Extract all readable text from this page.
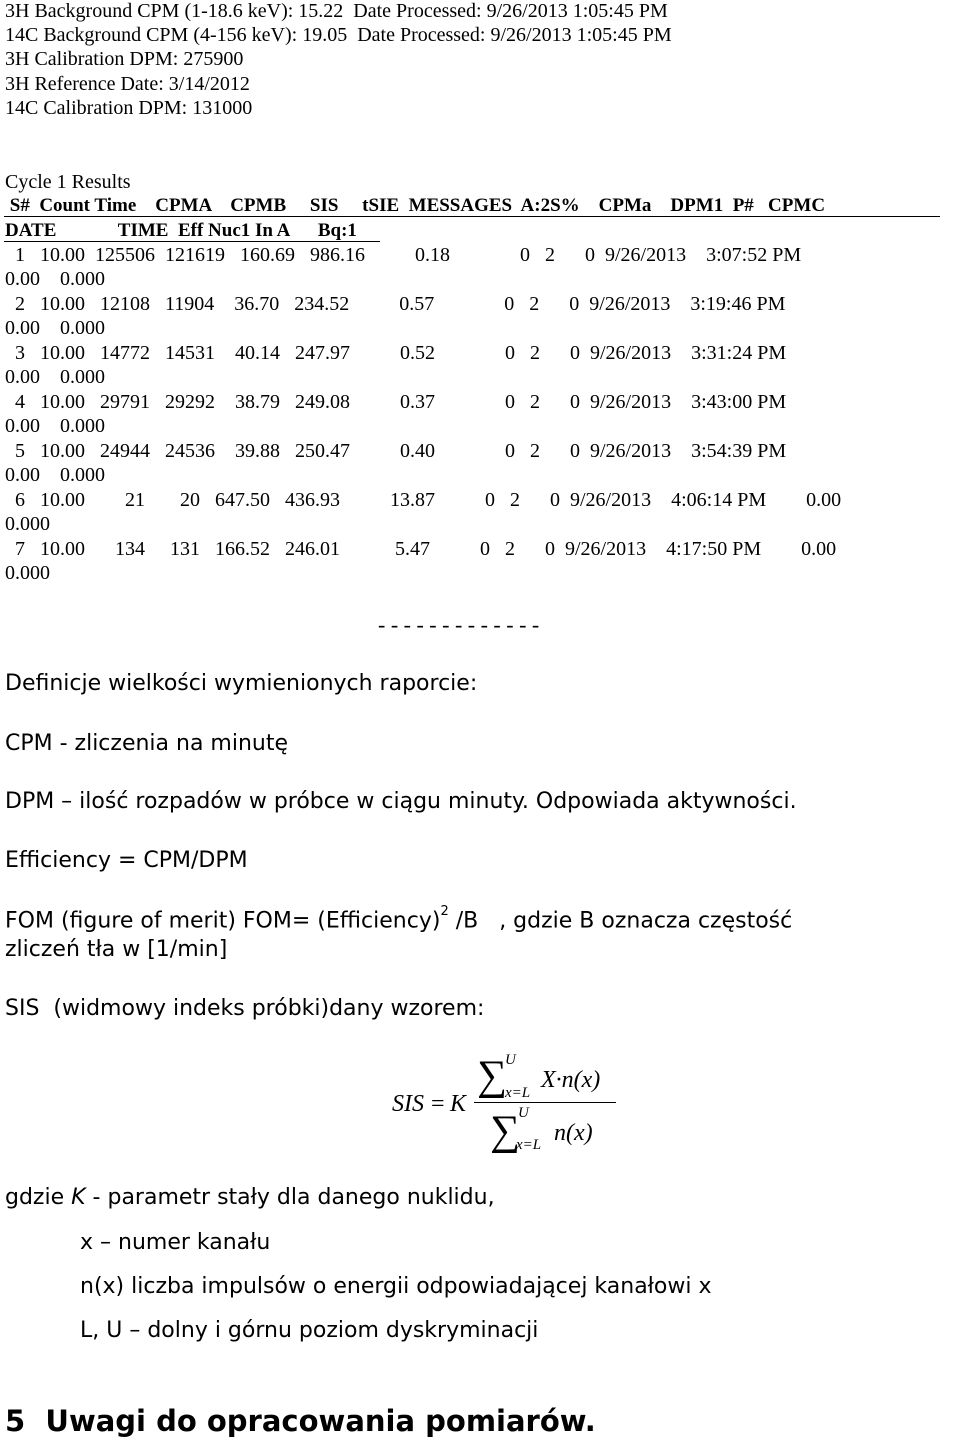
3H Background CPM (1-18.6 keV): 15.22  Date Processed: 9/26/2013 1:05:45 PM
14C Background CPM (4-156 keV): 19.05  Date Processed: 9/26/2013 1:05:45 PM
3H Calibration DPM: 275900
3H Reference Date: 3/14/2012
14C Calibration DPM: 131000
Cycle 1 Results
S#  Count Time    CPMA    CPMB     SIS     tSIE  MESSAGES  A:2S%    CPMa    DPM1  P#   CPMC
DATE             TIME  Eff Nuc1 In A      Bq:1
1   10.00  125506  121619   160.69   986.16          0.18              0   2      0  9/26/2013    3:07:52 PM
0.00    0.000
2   10.00   12108   11904    36.70   234.52          0.57              0   2      0  9/26/2013    3:19:46 PM
0.00    0.000
3   10.00   14772   14531    40.14   247.97          0.52              0   2      0  9/26/2013    3:31:24 PM
0.00    0.000
4   10.00   29791   29292    38.79   249.08          0.37              0   2      0  9/26/2013    3:43:00 PM
0.00    0.000
5   10.00   24944   24536    39.88   250.47          0.40              0   2      0  9/26/2013    3:54:39 PM
0.00    0.000
6   10.00        21       20   647.50   436.93          13.87          0   2      0  9/26/2013    4:06:14 PM        0.00
0.000
7   10.00      134     131   166.52   246.01           5.47          0   2      0  9/26/2013    4:17:50 PM        0.00
0.000
- - - - - - - - - - - - -
Definicje wielkości wymienionych raporcie:
CPM - zliczenia na minutę
DPM – ilość rozpadów w próbce w ciągu minuty. Odpowiada aktywności.
Efficiency = CPM/DPM
FOM (figure of merit) FOM= (Efficiency)$^2$ /B   , gdzie B oznacza częstość
zliczeń tła w [1/min]
SIS  (widmowy indeks próbki)dany wzorem:
SIS = K
∑
U
x=L X·n(x)
∑
U
x=L n(x)
gdzie K - parametr stały dla danego nuklidu,
x – numer kanału
n(x) liczba impulsów o energii odpowiadającej kanałowi x
L, U – dolny i górnu poziom dyskryminacji
5 Uwagi do opracowania pomiarów.
